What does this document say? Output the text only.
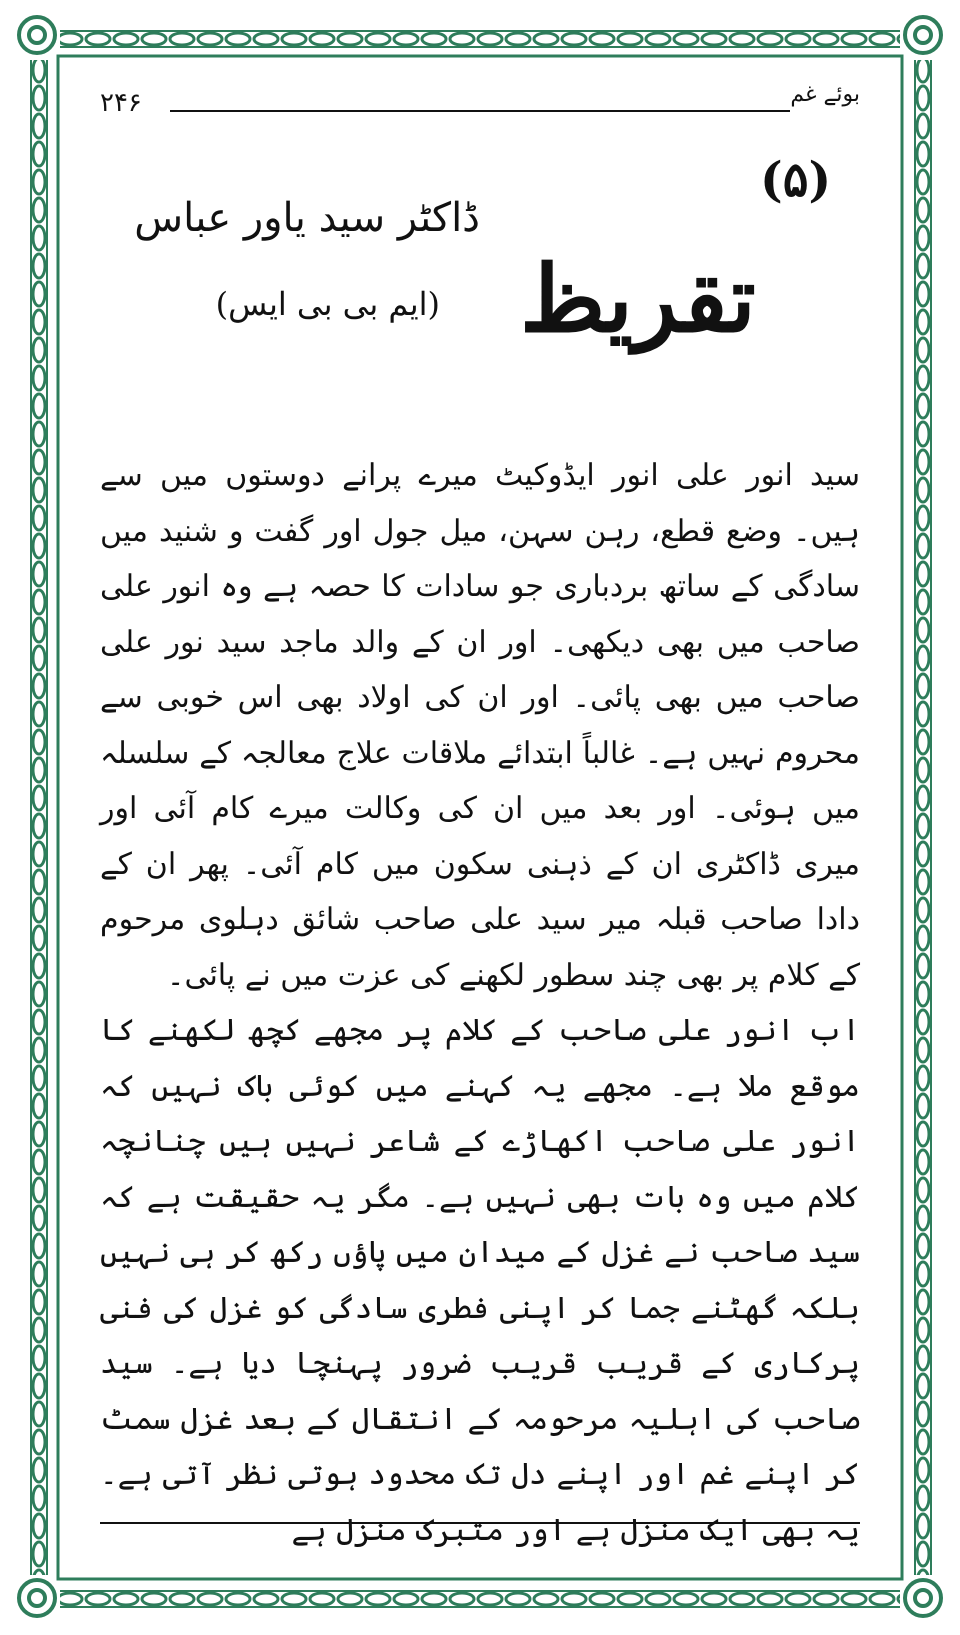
۲۴۶	بوئے غم
(۵)
ڈاکٹر سید یاور عباس
(ایم بی بی ایس) تقریظ

سید انور علی انور ایڈوکیٹ میرے پرانے دوستوں میں سے ہیں۔ وضع قطع، رہن سہن، میل جول اور گفت و شنید میں سادگی کے ساتھ بردباری جو سادات کا حصہ ہے وہ انور علی صاحب میں بھی دیکھی۔ اور ان کے والد ماجد سید نور علی صاحب میں بھی پائی۔ اور ان کی اولاد بھی اس خوبی سے محروم نہیں ہے۔ غالباً ابتدائے ملاقات علاج معالجہ کے سلسلہ میں ہوئی۔ اور بعد میں ان کی وکالت میرے کام آئی اور میری ڈاکٹری ان کے ذہنی سکون میں کام آئی۔ پھر ان کے دادا صاحب قبلہ میر سید علی صاحب شائق دہلوی مرحوم کے کلام پر بھی چند سطور لکھنے کی عزت میں نے پائی۔

اب انور علی صاحب کے کلام پر مجھے کچھ لکھنے کا موقع ملا ہے۔ مجھے یہ کہنے میں کوئی باک نہیں کہ انور علی صاحب اکھاڑے کے شاعر نہیں ہیں چنانچہ کلام میں وہ بات بھی نہیں ہے۔ مگر یہ حقیقت ہے کہ سید صاحب نے غزل کے میدان میں پاؤں رکھ کر ہی نہیں بلکہ گھٹنے جما کر اپنی فطری سادگی کو غزل کی فنی پرکاری کے قریب قریب ضرور پہنچا دیا ہے۔ سید صاحب کی اہلیہ مرحومہ کے انتقال کے بعد غزل سمٹ کر اپنے غم اور اپنے دل تک محدود ہوتی نظر آتی ہے۔ یہ بھی ایک منزل ہے اور متبرک منزل ہے
